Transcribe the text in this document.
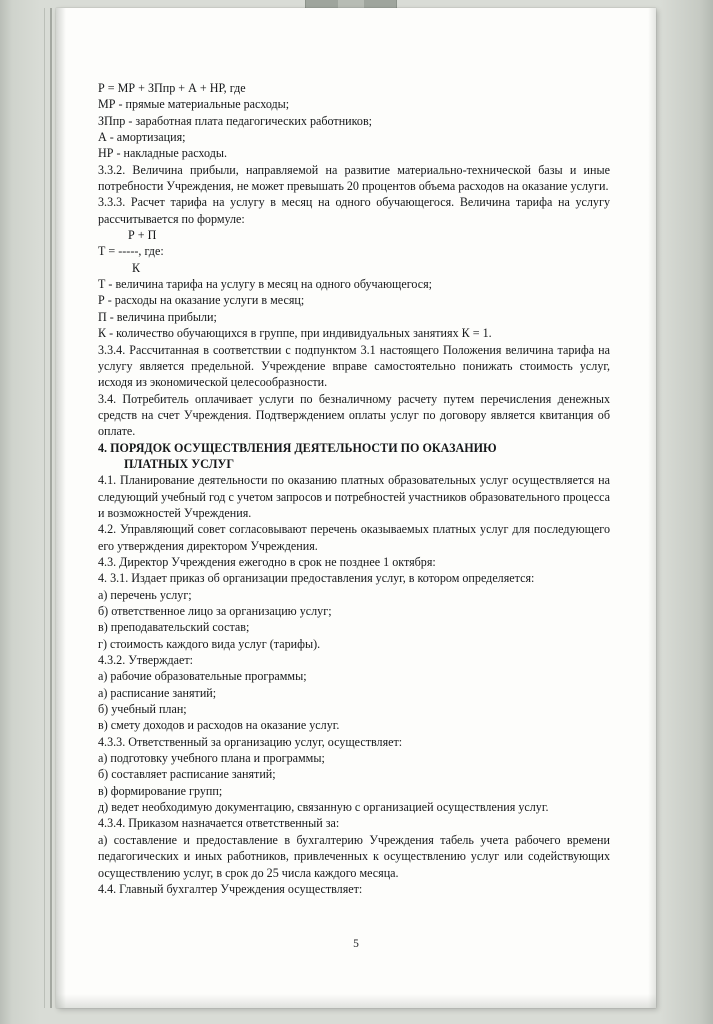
Р = МР + ЗПпр + А + НР, где

МР - прямые материальные расходы;

ЗПпр - заработная плата педагогических работников;

А - амортизация;

НР - накладные расходы.

3.3.2. Величина прибыли, направляемой на развитие материально-технической базы и иные потребности Учреждения, не может превышать 20 процентов объема расходов на оказание услуги.

3.3.3. Расчет тарифа на услугу в месяц на одного обучающегося. Величина тарифа на услугу рассчитывается по формуле:

Р + П

Т = -----, где:

К

Т - величина тарифа на услугу в месяц на одного обучающегося;

Р - расходы на оказание услуги в месяц;

П - величина прибыли;

К - количество обучающихся в группе, при индивидуальных занятиях К = 1.

3.3.4. Рассчитанная в соответствии с подпунктом 3.1 настоящего Положения величина тарифа на услугу является предельной. Учреждение вправе самостоятельно понижать стоимость услуг, исходя из экономической целесообразности.

3.4. Потребитель оплачивает услуги по безналичному расчету путем перечисления денежных средств на счет Учреждения. Подтверждением оплаты услуг по договору является квитанция об оплате.

4. ПОРЯДОК ОСУЩЕСТВЛЕНИЯ ДЕЯТЕЛЬНОСТИ ПО ОКАЗАНИЮ

ПЛАТНЫХ УСЛУГ

4.1. Планирование деятельности по оказанию платных образовательных услуг осуществляется на следующий учебный год с учетом запросов и потребностей участников образовательного процесса и возможностей Учреждения.

4.2. Управляющий совет согласовывают перечень оказываемых платных услуг для последующего его утверждения директором Учреждения.

4.3. Директор Учреждения ежегодно в срок не позднее 1 октября:

4. 3.1. Издает приказ об организации предоставления услуг, в котором определяется:

а) перечень услуг;

б) ответственное лицо за организацию услуг;

в) преподавательский состав;

г) стоимость каждого вида услуг (тарифы).

4.3.2. Утверждает:

а) рабочие образовательные программы;

а) расписание занятий;

б) учебный план;

в) смету доходов и расходов на оказание услуг.

4.3.3. Ответственный за организацию услуг, осуществляет:

а) подготовку учебного плана и программы;

б) составляет расписание занятий;

в) формирование групп;

д) ведет необходимую документацию, связанную с организацией осуществления услуг.

4.3.4. Приказом назначается ответственный за:

а) составление и предоставление в бухгалтерию Учреждения табель учета рабочего времени педагогических и иных работников, привлеченных к осуществлению услуг или содействующих осуществлению услуг, в срок до 25 числа каждого месяца.

4.4. Главный бухгалтер Учреждения осуществляет:

5
